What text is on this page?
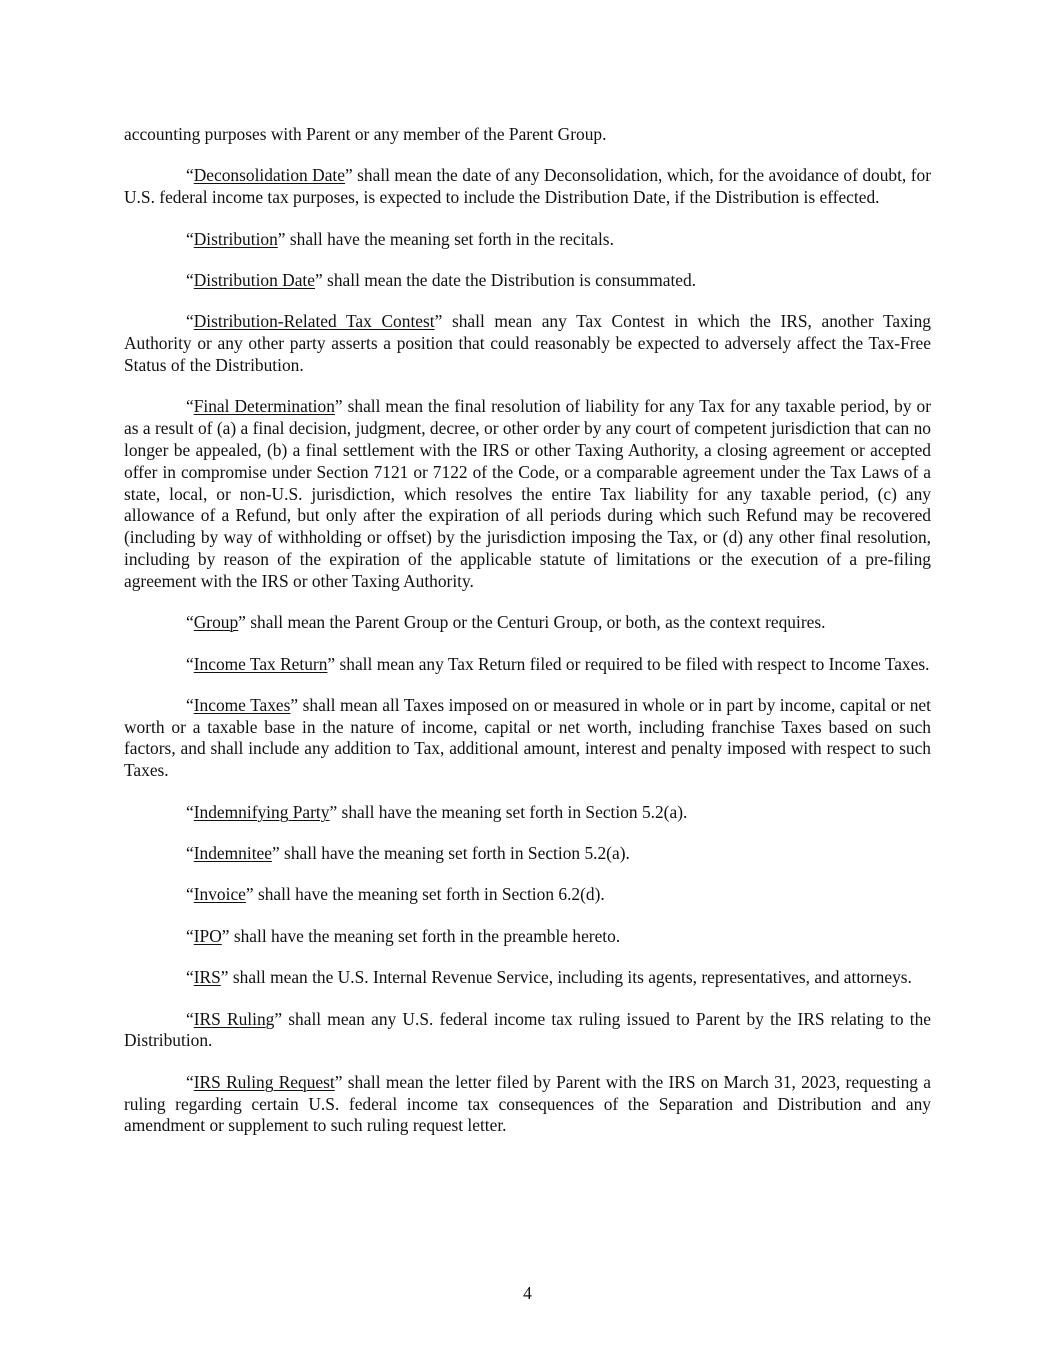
accounting purposes with Parent or any member of the Parent Group.

“Deconsolidation Date” shall mean the date of any Deconsolidation, which, for the avoidance of doubt, for U.S. federal income tax purposes, is expected to include the Distribution Date, if the Distribution is effected.

“Distribution” shall have the meaning set forth in the recitals.

“Distribution Date” shall mean the date the Distribution is consummated.

“Distribution-Related Tax Contest” shall mean any Tax Contest in which the IRS, another Taxing Authority or any other party asserts a position that could reasonably be expected to adversely affect the Tax-Free Status of the Distribution.

“Final Determination” shall mean the final resolution of liability for any Tax for any taxable period, by or as a result of (a) a final decision, judgment, decree, or other order by any court of competent jurisdiction that can no longer be appealed, (b) a final settlement with the IRS or other Taxing Authority, a closing agreement or accepted offer in compromise under Section 7121 or 7122 of the Code, or a comparable agreement under the Tax Laws of a state, local, or non-U.S. jurisdiction, which resolves the entire Tax liability for any taxable period, (c) any allowance of a Refund, but only after the expiration of all periods during which such Refund may be recovered (including by way of withholding or offset) by the jurisdiction imposing the Tax, or (d) any other final resolution, including by reason of the expiration of the applicable statute of limitations or the execution of a pre-filing agreement with the IRS or other Taxing Authority.

“Group” shall mean the Parent Group or the Centuri Group, or both, as the context requires.

“Income Tax Return” shall mean any Tax Return filed or required to be filed with respect to Income Taxes.

“Income Taxes” shall mean all Taxes imposed on or measured in whole or in part by income, capital or net worth or a taxable base in the nature of income, capital or net worth, including franchise Taxes based on such factors, and shall include any addition to Tax, additional amount, interest and penalty imposed with respect to such Taxes.

“Indemnifying Party” shall have the meaning set forth in Section 5.2(a).

“Indemnitee” shall have the meaning set forth in Section 5.2(a).

“Invoice” shall have the meaning set forth in Section 6.2(d).

“IPO” shall have the meaning set forth in the preamble hereto.

“IRS” shall mean the U.S. Internal Revenue Service, including its agents, representatives, and attorneys.

“IRS Ruling” shall mean any U.S. federal income tax ruling issued to Parent by the IRS relating to the Distribution.

“IRS Ruling Request” shall mean the letter filed by Parent with the IRS on March 31, 2023, requesting a ruling regarding certain U.S. federal income tax consequences of the Separation and Distribution and any amendment or supplement to such ruling request letter.

4
